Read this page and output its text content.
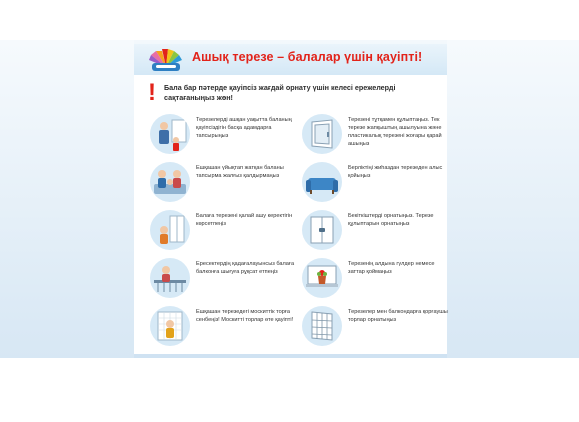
Ашық терезе – балалар үшін қауіпті!
! Бала бар пәтерде қауіпсіз жағдай орнату үшін келесі ережелерді сақтағаныңыз жөн!
Терезелерді ашқан уақытта баланың қауіпсіздігін басқа адамдарға тапсырыңыз
Ешқашан үйықтап жатқан баланы тапсырма жалғыз қалдырмаңыз
Балаға терезені қалай ашу керектігін көрсетпеңіз
Ересектердің қадағалауынсыз балаға балконға шығуға рұқсат етпеңіз
Ешқашан терезедегі москиттік торға сенбеңіз! Москитті торлар өте қауіпті!
Терезені тұтқамен құлыптаңыз. Тек терезе жапқыштың ашылуына және пластикалық терезені жоғары қарай ашыңыз
Берліктіңі жиһаздан терезеден алыс қойыңыз
Бекіткіштерді орнатыңыз. Терезе құлыптарын орнатыңыз
Терезенің алдына гүлдер немесе заттар қоймаңыз
Терезелер мен балкондарға қорғаушы торлар орнатыңыз
